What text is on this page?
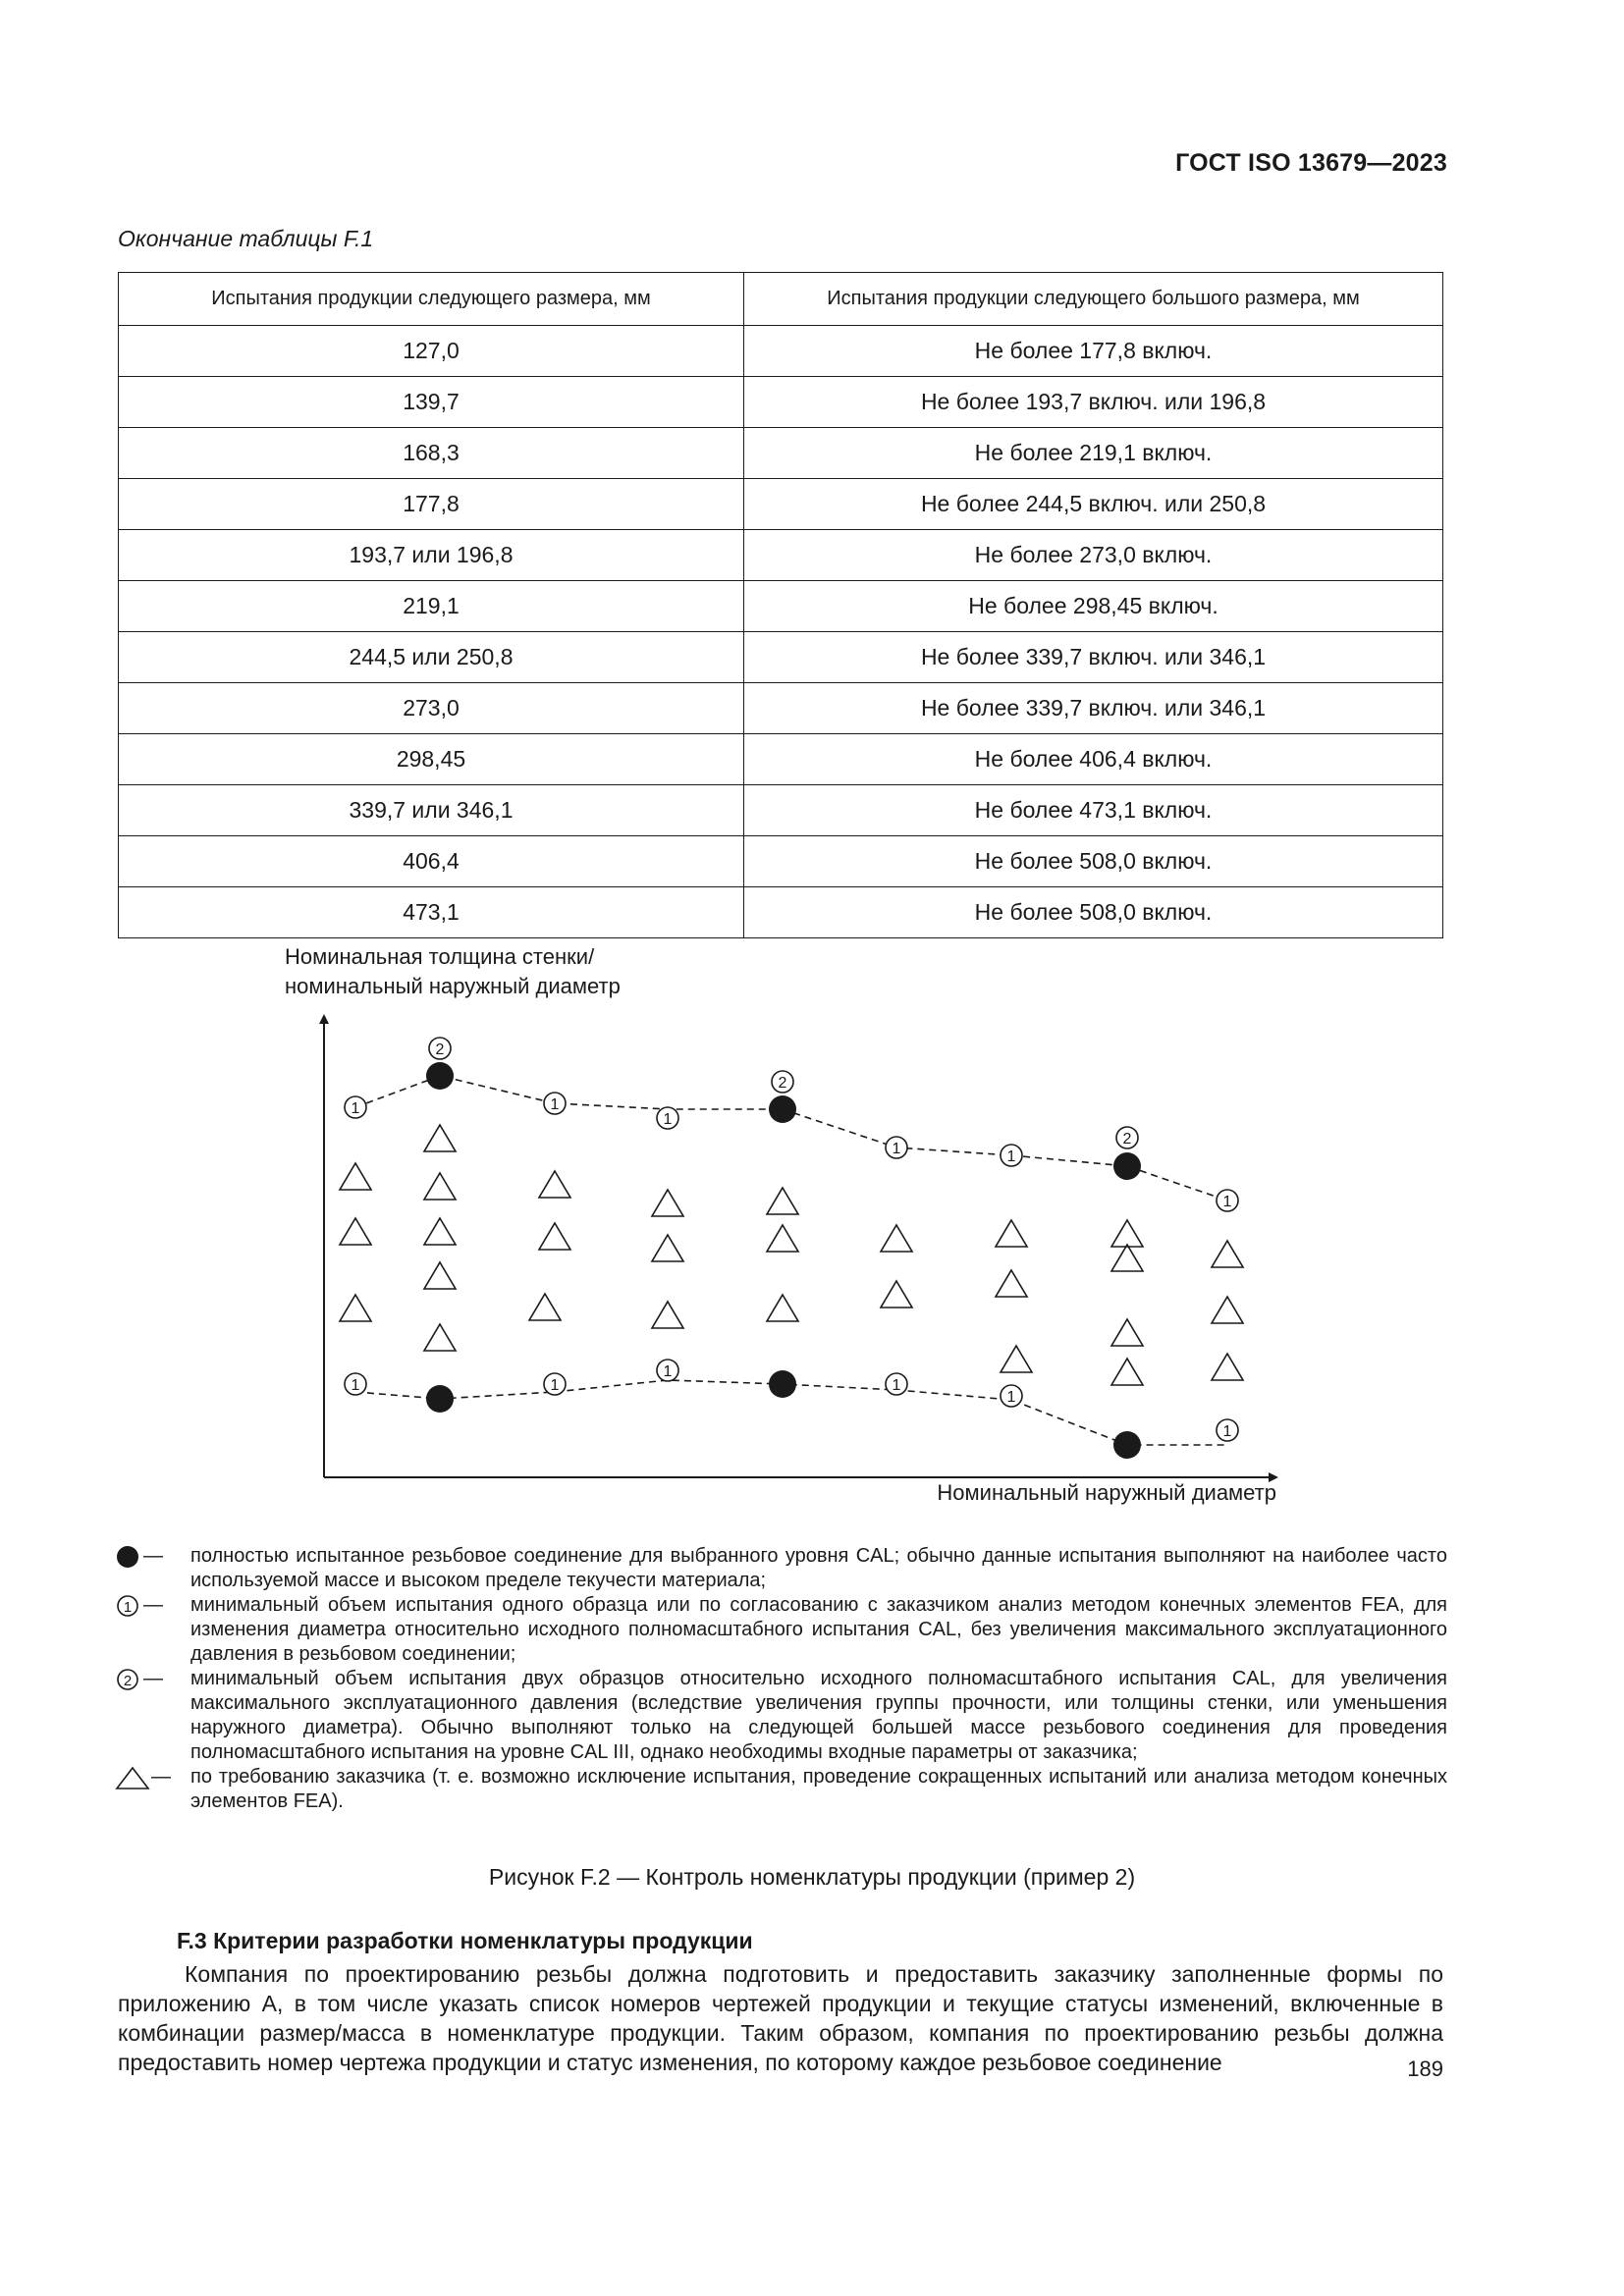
ГОСТ ISO 13679—2023
Окончание таблицы F.1
Испытания продукции следующего размера, мм	Испытания продукции следующего большого размера, мм
127,0	Не более 177,8 включ.
139,7	Не более 193,7 включ. или 196,8
168,3	Не более 219,1 включ.
177,8	Не более 244,5 включ. или 250,8
193,7 или 196,8	Не более 273,0 включ.
219,1	Не более 298,45 включ.
244,5 или 250,8	Не более 339,7 включ. или 346,1
273,0	Не более 339,7 включ. или 346,1
298,45	Не более 406,4 включ.
339,7 или 346,1	Не более 473,1 включ.
406,4	Не более 508,0 включ.
473,1	Не более 508,0 включ.
1	1
1
1	1
1
1	1
1
1
1
1
2
2
2
Номинальная толщина стенки/
номинальный наружный диаметр
Номинальный наружный диаметр
— полностью испытанное резьбовое соединение для выбранного уровня CAL; обычно данные испытания выполняют на наиболее часто используемой массе и высоком пределе текучести материала;
1 — минимальный объем испытания одного образца или по согласованию с заказчиком анализ методом конечных элементов FEA, для изменения диаметра относительно исходного полномасштабного испытания CAL, без увеличения максимального эксплуатационного давления в резьбовом соединении;
2 — минимальный объем испытания двух образцов относительно исходного полномасштабного испытания CAL, для увеличения максимального эксплуатационного давления (вследствие увеличения группы прочности, или толщины стенки, или уменьшения наружного диаметра). Обычно выполняют только на следующей большей массе резьбового соединения для проведения полномасштабного испытания на уровне CAL III, однако необходимы входные параметры от заказчика;
— по требованию заказчика (т. е. возможно исключение испытания, проведение сокращенных испытаний или анализа методом конечных элементов FEA).
Рисунок F.2 — Контроль номенклатуры продукции (пример 2)
F.3 Критерии разработки номенклатуры продукции
Компания по проектированию резьбы должна подготовить и предоставить заказчику заполненные формы по приложению А, в том числе указать список номеров чертежей продукции и текущие статусы изменений, включенные в комбинации размер/масса в номенклатуре продукции. Таким образом, компания по проектированию резьбы должна предоставить номер чертежа продукции и статус изменения, по которому каждое резьбовое соединение	189
